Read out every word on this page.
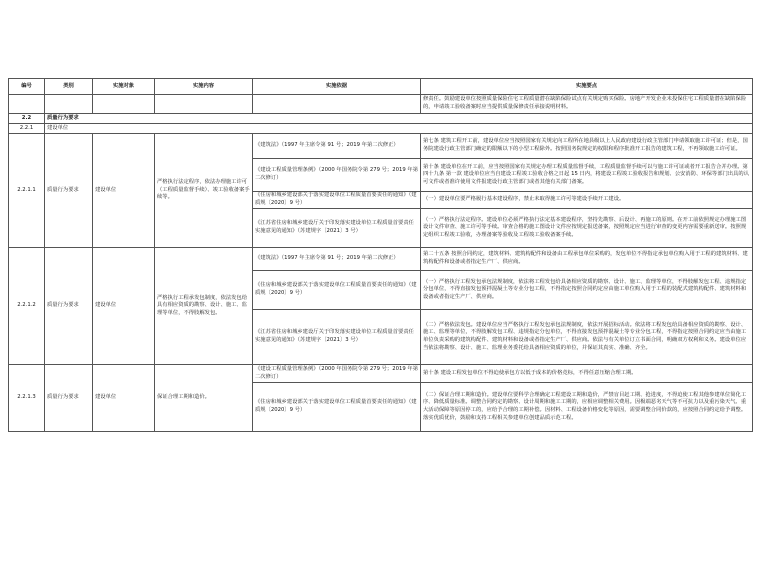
编号	类别	实施对象	实施内容	实施依据	实施要点
					修责任。鼓励建设单位按照质量保险住宅工程质量潜在缺陷保险试点有关规定购买保险。房地产开发企业未投保住宅工程质量潜在缺陷保险的，申请竣工验收备案时应当提供质量保修责任承接说明材料。
2.2	质量行为要求				
2.2.1	建设单位				
2.2.1.1	质量行为要求	建设单位	严格执行法定程序，依法办理施工许可（工程质量监督手续）、竣工验收备案手续等。	《建筑法》（1997 年主席令第 91 号；2019 年第二次修正）	第七条 建筑工程开工前，建设单位应当按照国家有关规定向工程所在地县级以上人民政府建设行政主管部门申请领取施工许可证；但是，国务院建设行政主管部门确定的限额以下的小型工程除外。按照国务院规定的权限和程序批准开工报告的建筑工程，不再领取施工许可证。
				《建设工程质量管理条例》（2000 年国务院令第 279 号；2019 年第二次修订）	第十条 建设单位在开工前，应当按照国家有关规定办理工程质量监督手续，工程质量监督手续可以与施工许可证或者开工报告合并办理。第四十九条 第一款 建设单位应当自建设工程竣工验收合格之日起 15 日内，将建设工程竣工验收报告和规划、公安消防、环保等部门出具的认可文件或者准许使用文件报建设行政主管部门或者其他有关部门备案。
				《住房和城乡建设部关于落实建设单位工程质量首要责任的通知》（建质规〔2020〕9 号）	（一）建设单位要严格履行基本建设程序，禁止未取得施工许可等建设手续开工建设。
				《江苏省住房和城乡建设厅关于印发落实建设单位工程质量首要责任实施意见的通知》（苏建规字〔2021〕3 号）	（一）严格执行法定程序。建设单位必须严格执行法定基本建设程序，坚持先勘察、后设计、再施工的原则。在开工前依照规定办理施工图设计文件审查、施工许可等手续。审查合格的施工图设计文件应按规定报送备案，按照规定应当进行审查的变更内容需要重新送审。按照规定组织工程竣工验收，办理备案等验收及工程竣工验收备案手续。
2.2.1.2	质量行为要求	建设单位	严格执行工程承发包制度，依法发包给具有相应资质的勘察、设计、施工、监理等单位，不得肢解发包。	《建筑法》（1997 年主席令第 91 号；2019 年第二次修正）	第二十五条 按照合同约定，建筑材料、建筑构配件和设备由工程承包单位采购的，发包单位不得指定承包单位购入用于工程的建筑材料、建筑构配件和设备或者指定生产厂、供应商。
				《住房和城乡建设部关于落实建设单位工程质量首要责任的通知》（建质规〔2020〕9 号）	（一）严格执行工程发包承包法规制度，依法将工程发包给具备相应资质的勘察、设计、施工、监理等单位，不得肢解发包工程、违规指定分包单位，不得直接发包预拌混凝土等专业分包工程，不得指定按照合同约定应由施工单位购入用于工程的装配式建筑构配件、建筑材料和设备或者指定生产厂、供应商。
				《江苏省住房和城乡建设厅关于印发落实建设单位工程质量首要责任实施意见的通知》（苏建规字〔2021〕3 号）	（二）严格依法发包。建设单位应当严格执行工程发包承包法规制度，依法开展招标活动。依法将工程发包给具备相应资质的勘察、设计、施工、监理等单位，不得肢解发包工程、违规指定分包单位，不得直接发包预拌混凝土等专业分包工程，不得指定按照合同约定应当由施工单位负责采购的建筑构配件、建筑材料和设备或者指定生产厂、供应商。依法与有关单位订立书面合同，明确双方权利和义务。建设单位应当依法将勘察、设计、施工、监理业务委托给具备相应资质的单位，并保证其真实、准确、齐全。
2.2.1.3	质量行为要求	建设单位	保证合理工期和造价。	《建设工程质量管理条例》（2000 年国务院令第 279 号；2019 年第二次修订）	第十条 建设工程发包单位不得迫使承包方以低于成本的价格竞标，不得任意压缩合理工期。
				《住房和城乡建设部关于落实建设单位工程质量首要责任的通知》（建质规〔2020〕9 号）	（二）保证合理工期和造价。建设单位要科学合理确定工程建设工期和造价，严禁盲目赶工期、抢进度，不得迫使工程其他参建单位简化工序、降低质量标准。调整合同约定的勘察、设计周期和施工工期的，应相应调整相关费用。因极端恶劣天气等不可抗力以及重污染天气、重大活动保障等原因停工的，应给予合理的工期补偿。因材料、工程设备价格变化等原因，需要调整合同价款的，应按照合同约定给予调整。落实优质优价，鼓励和支持工程相关参建单位创建品质示范工程。
